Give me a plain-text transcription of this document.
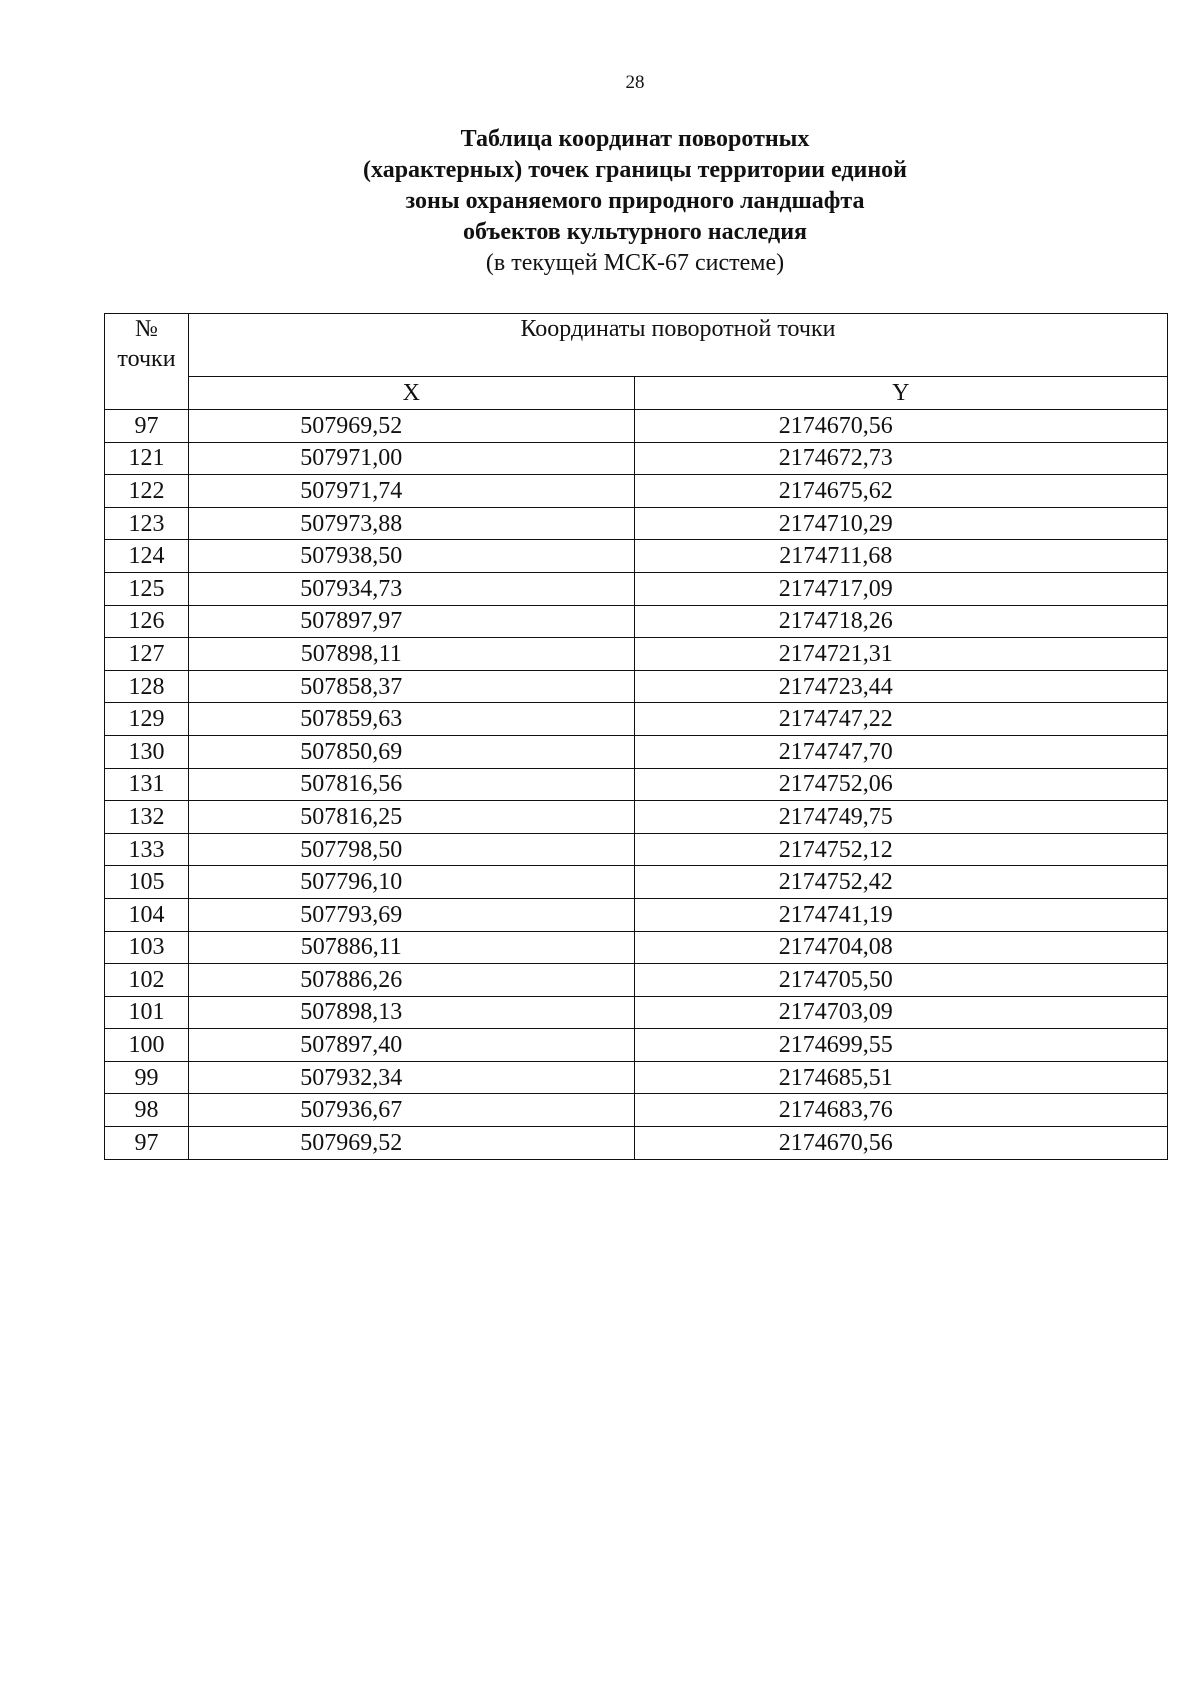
28
Таблица координат поворотных
(характерных) точек границы территории единой
зоны охраняемого природного ландшафта
объектов культурного наследия
(в текущей МСК-67 системе)
№
точки	Координаты поворотной точки	
	X	Y
97	507969,52	2174670,56
121	507971,00	2174672,73
122	507971,74	2174675,62
123	507973,88	2174710,29
124	507938,50	2174711,68
125	507934,73	2174717,09
126	507897,97	2174718,26
127	507898,11	2174721,31
128	507858,37	2174723,44
129	507859,63	2174747,22
130	507850,69	2174747,70
131	507816,56	2174752,06
132	507816,25	2174749,75
133	507798,50	2174752,12
105	507796,10	2174752,42
104	507793,69	2174741,19
103	507886,11	2174704,08
102	507886,26	2174705,50
101	507898,13	2174703,09
100	507897,40	2174699,55
99	507932,34	2174685,51
98	507936,67	2174683,76
97	507969,52	2174670,56
